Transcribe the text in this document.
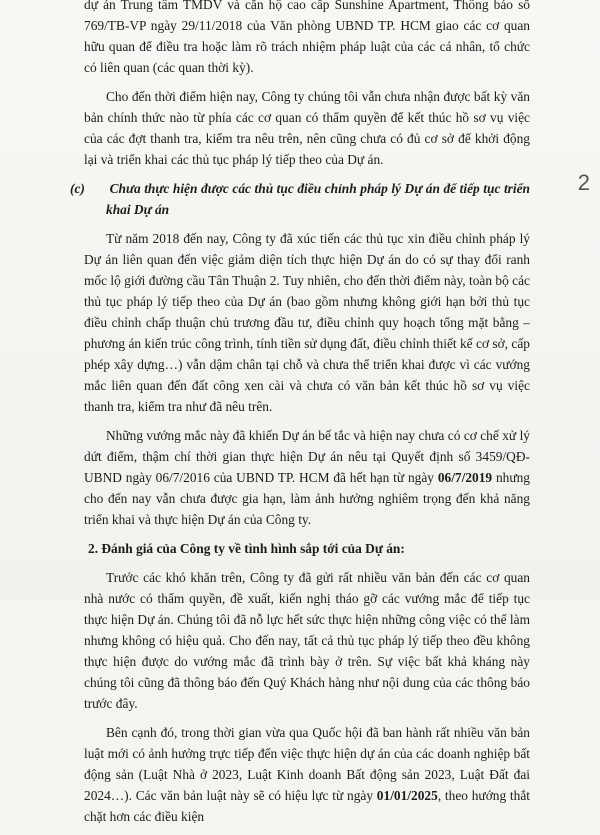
dự án Trung tâm TMDV và căn hộ cao cấp Sunshine Apartment, Thông báo số 769/TB-VP ngày 29/11/2018 của Văn phòng UBND TP. HCM giao các cơ quan hữu quan để điều tra hoặc làm rõ trách nhiệm pháp luật của các cá nhân, tổ chức có liên quan (các quan thời kỳ).

Cho đến thời điểm hiện nay, Công ty chúng tôi vẫn chưa nhận được bất kỳ văn bản chính thức nào từ phía các cơ quan có thẩm quyền để kết thúc hồ sơ vụ việc của các đợt thanh tra, kiểm tra nêu trên, nên cũng chưa có đủ cơ sở để khởi động lại và triển khai các thủ tục pháp lý tiếp theo của Dự án.

(c) Chưa thực hiện được các thủ tục điều chỉnh pháp lý Dự án để tiếp tục triển khai Dự án

Từ năm 2018 đến nay, Công ty đã xúc tiến các thủ tục xin điều chỉnh pháp lý Dự án liên quan đến việc giảm diện tích thực hiện Dự án do có sự thay đổi ranh mốc lộ giới đường cầu Tân Thuận 2. Tuy nhiên, cho đến thời điểm này, toàn bộ các thủ tục pháp lý tiếp theo của Dự án (bao gồm nhưng không giới hạn bởi thủ tục điều chỉnh chấp thuận chủ trương đầu tư, điều chỉnh quy hoạch tổng mặt bằng – phương án kiến trúc công trình, tính tiền sử dụng đất, điều chỉnh thiết kế cơ sở, cấp phép xây dựng…) vẫn dậm chân tại chỗ và chưa thể triển khai được vì các vướng mắc liên quan đến đất công xen cài và chưa có văn bản kết thúc hồ sơ vụ việc thanh tra, kiểm tra như đã nêu trên.

Những vướng mắc này đã khiến Dự án bế tắc và hiện nay chưa có cơ chế xử lý dứt điểm, thậm chí thời gian thực hiện Dự án nêu tại Quyết định số 3459/QĐ-UBND ngày 06/7/2016 của UBND TP. HCM đã hết hạn từ ngày 06/7/2019 nhưng cho đến nay vẫn chưa được gia hạn, làm ảnh hưởng nghiêm trọng đến khả năng triển khai và thực hiện Dự án của Công ty.

2. Đánh giá của Công ty về tình hình sắp tới của Dự án:

Trước các khó khăn trên, Công ty đã gửi rất nhiều văn bản đến các cơ quan nhà nước có thẩm quyền, đề xuất, kiến nghị tháo gỡ các vướng mắc để tiếp tục thực hiện Dự án. Chúng tôi đã nỗ lực hết sức thực hiện những công việc có thể làm nhưng không có hiệu quả. Cho đến nay, tất cả thủ tục pháp lý tiếp theo đều không thực hiện được do vướng mắc đã trình bày ở trên. Sự việc bất khả kháng này chúng tôi cũng đã thông báo đến Quý Khách hàng như nội dung của các thông báo trước đây.

Bên cạnh đó, trong thời gian vừa qua Quốc hội đã ban hành rất nhiều văn bản luật mới có ảnh hưởng trực tiếp đến việc thực hiện dự án của các doanh nghiệp bất động sản (Luật Nhà ở 2023, Luật Kinh doanh Bất động sản 2023, Luật Đất đai 2024…). Các văn bản luật này sẽ có hiệu lực từ ngày 01/01/2025, theo hướng thắt chặt hơn các điều kiện

2
